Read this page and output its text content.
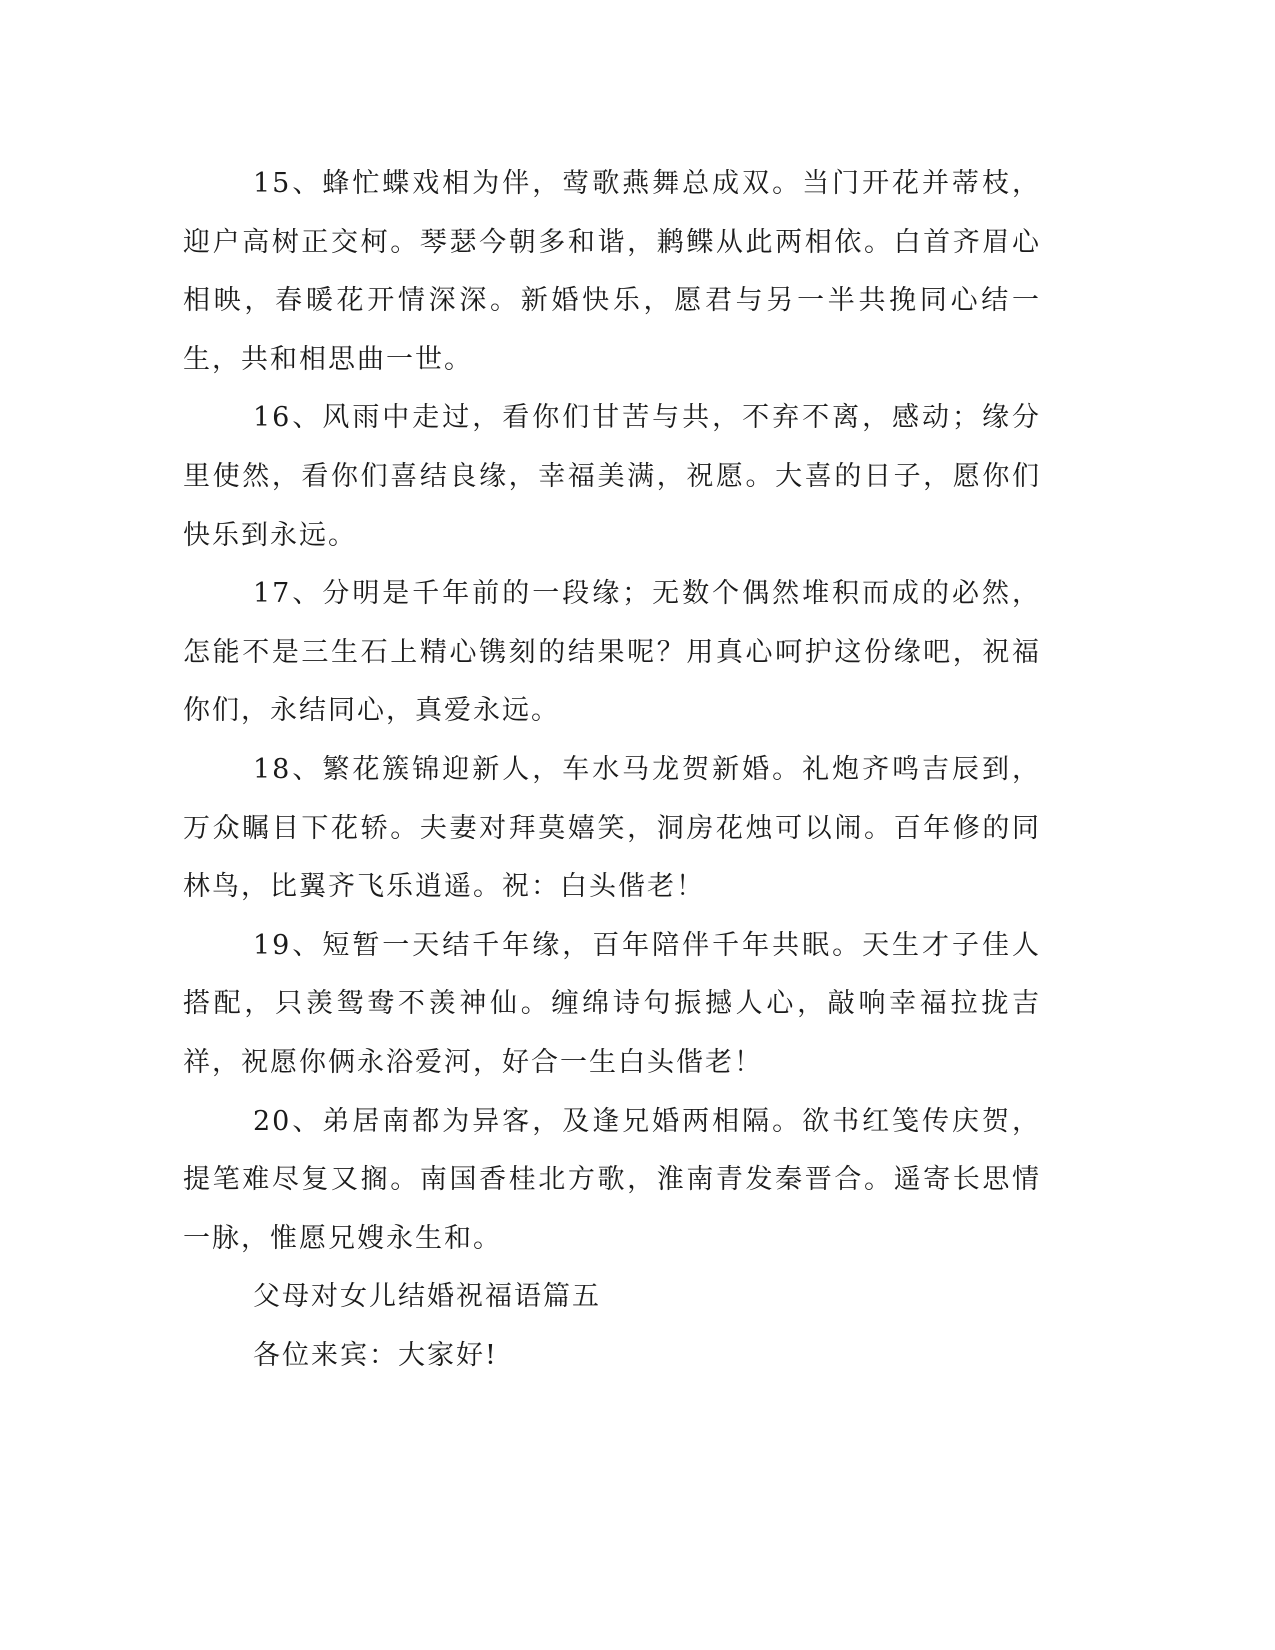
15、蜂忙蝶戏相为伴，莺歌燕舞总成双。当门开花并蒂枝，迎户高树正交柯。琴瑟今朝多和谐，鹣鲽从此两相依。白首齐眉心相映，春暖花开情深深。新婚快乐，愿君与另一半共挽同心结一生，共和相思曲一世。

16、风雨中走过，看你们甘苦与共，不弃不离，感动；缘分里使然，看你们喜结良缘，幸福美满，祝愿。大喜的日子，愿你们快乐到永远。

17、分明是千年前的一段缘；无数个偶然堆积而成的必然，怎能不是三生石上精心镌刻的结果呢？用真心呵护这份缘吧，祝福你们，永结同心，真爱永远。

18、繁花簇锦迎新人，车水马龙贺新婚。礼炮齐鸣吉辰到，万众瞩目下花轿。夫妻对拜莫嬉笑，洞房花烛可以闹。百年修的同林鸟，比翼齐飞乐逍遥。祝：白头偕老！

19、短暂一天结千年缘，百年陪伴千年共眠。天生才子佳人搭配，只羡鸳鸯不羡神仙。缠绵诗句振撼人心，敲响幸福拉拢吉祥，祝愿你俩永浴爱河，好合一生白头偕老！

20、弟居南都为异客，及逢兄婚两相隔。欲书红笺传庆贺，提笔难尽复又搁。南国香桂北方歌，淮南青发秦晋合。遥寄长思情一脉，惟愿兄嫂永生和。

父母对女儿结婚祝福语篇五

各位来宾：大家好!
